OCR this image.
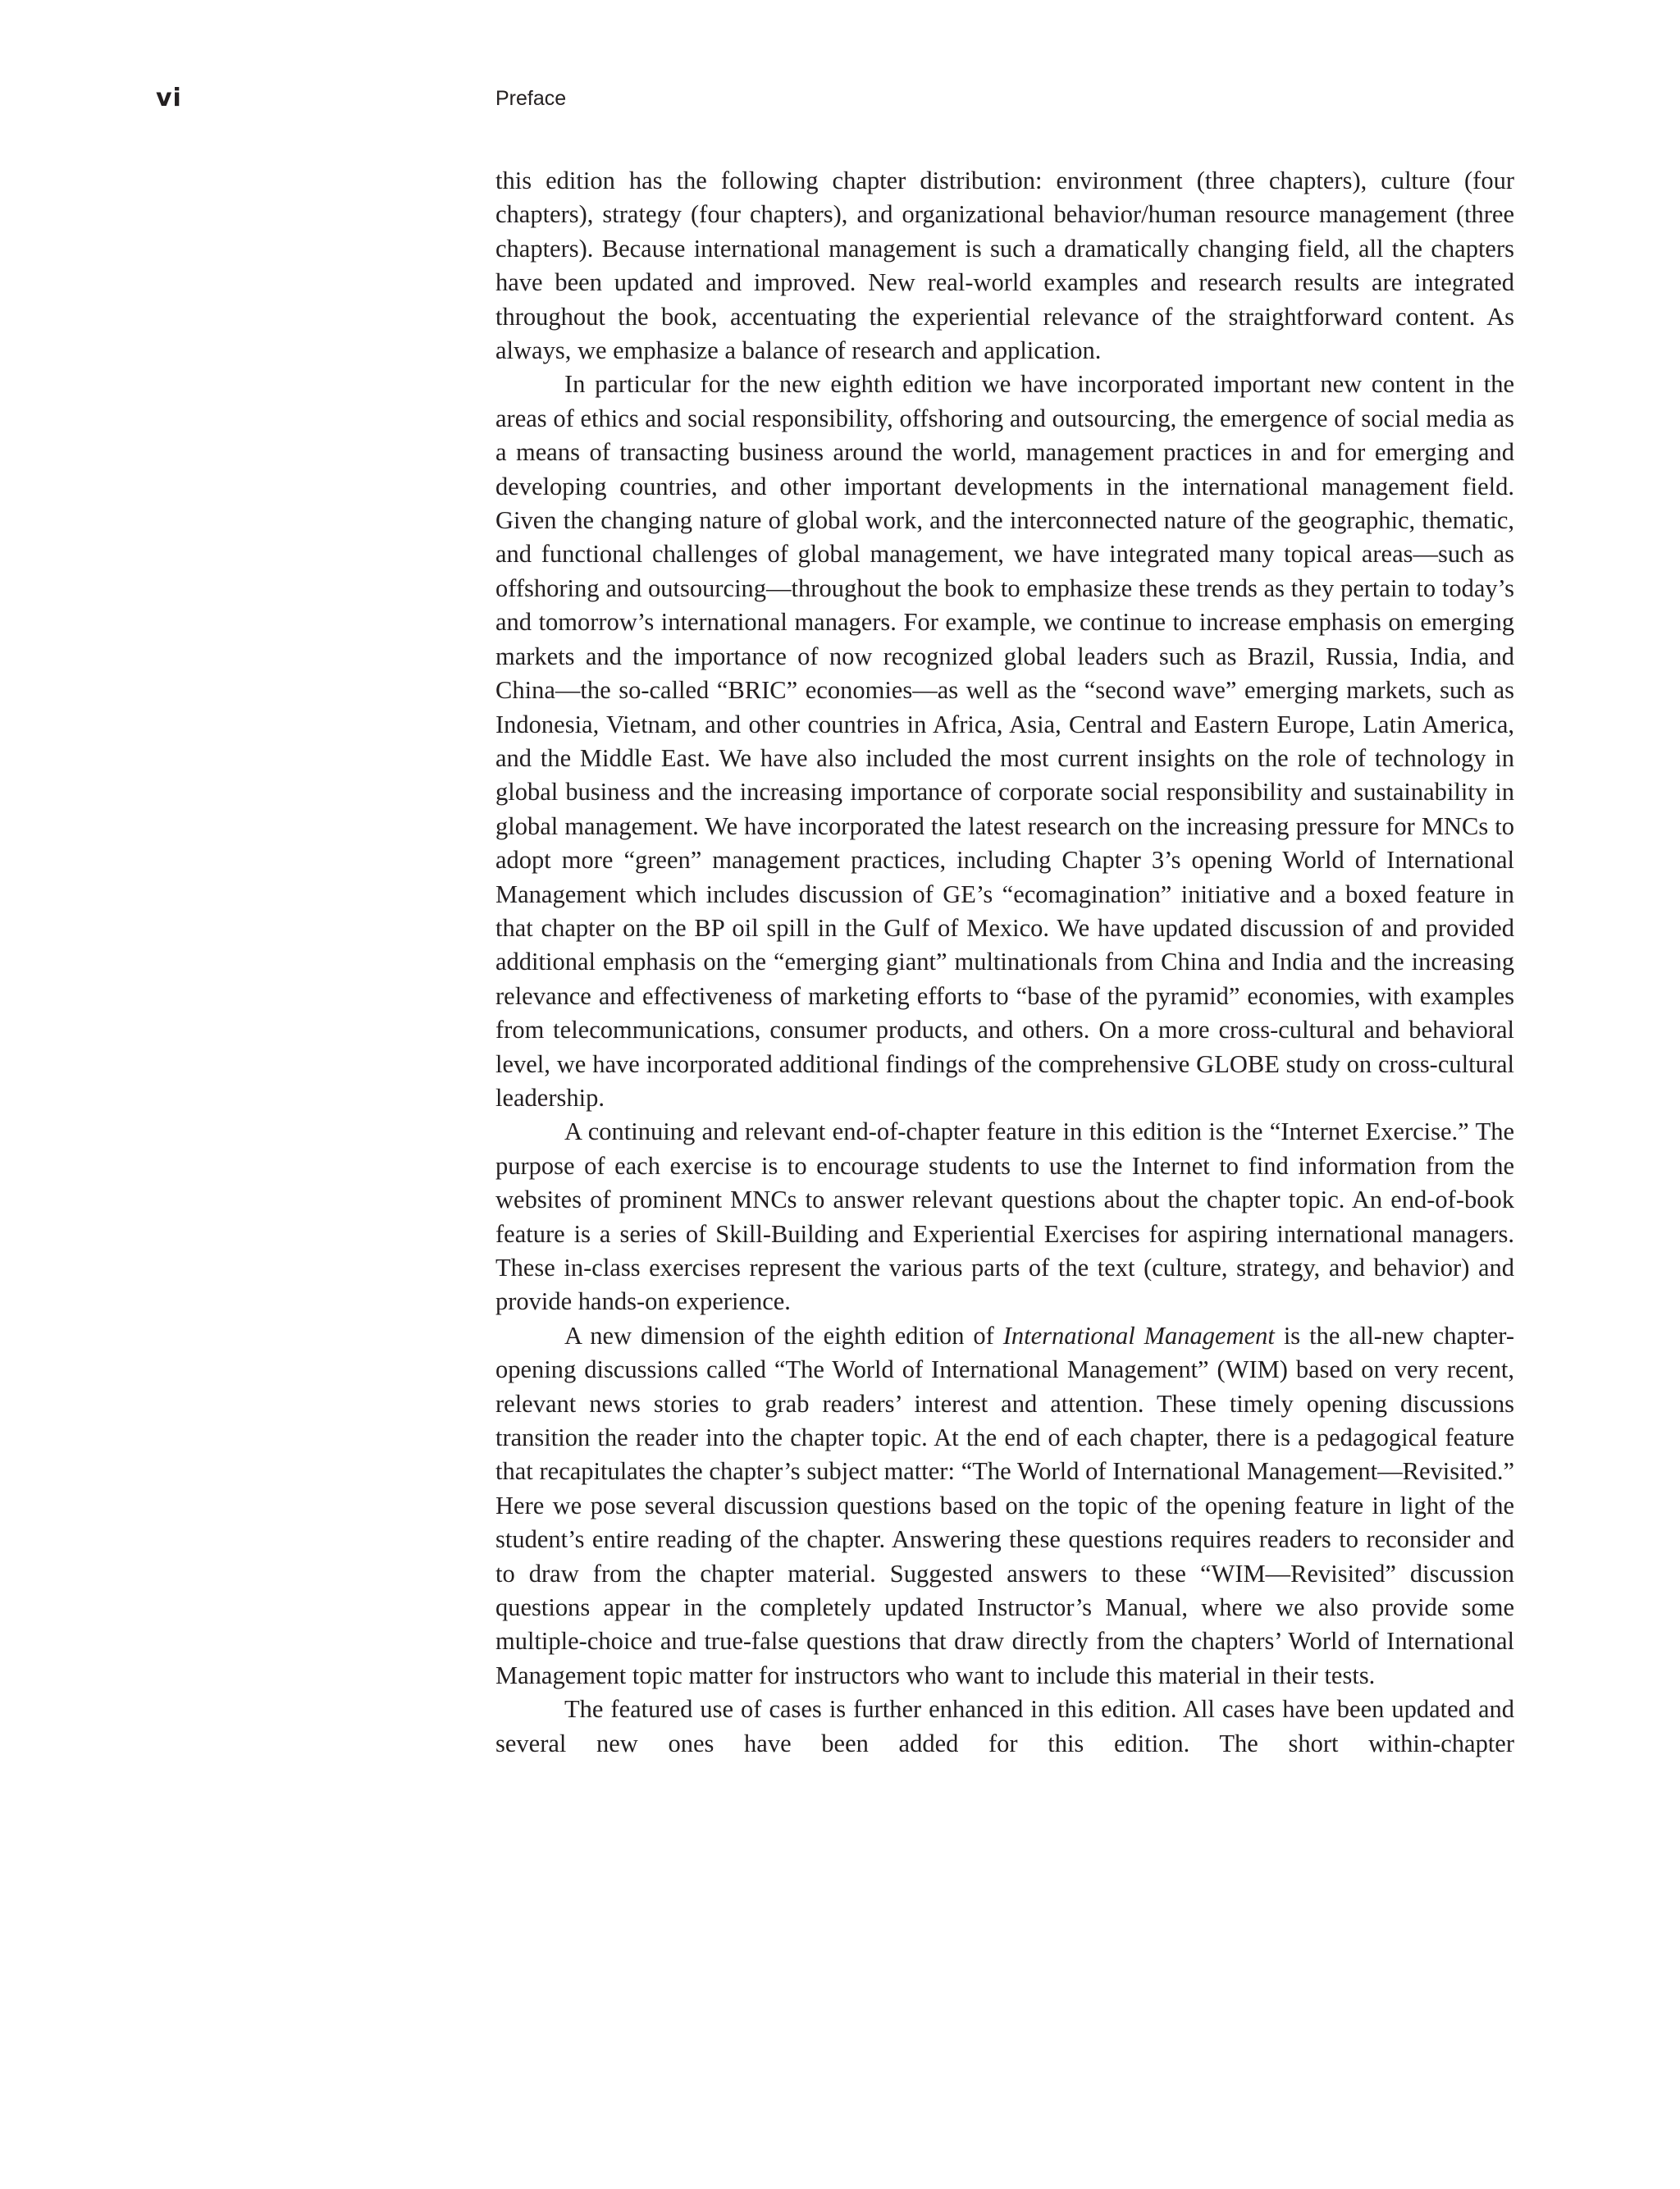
vi	Preface

this edition has the following chapter distribution: environment (three chapters), culture (four chapters), strategy (four chapters), and organizational behavior/human resource management (three chapters). Because international management is such a dramatically changing field, all the chapters have been updated and improved. New real-world examples and research results are integrated throughout the book, accentuating the experiential relevance of the straightforward content. As always, we emphasize a balance of research and application.

In particular for the new eighth edition we have incorporated important new content in the areas of ethics and social responsibility, offshoring and outsourcing, the emergence of social media as a means of transacting business around the world, management practices in and for emerging and developing countries, and other important developments in the international management field. Given the changing nature of global work, and the interconnected nature of the geographic, thematic, and functional challenges of global management, we have integrated many topical areas—such as offshoring and outsourcing—throughout the book to emphasize these trends as they pertain to today’s and tomorrow’s international managers. For example, we continue to increase emphasis on emerging markets and the importance of now recognized global leaders such as Brazil, Russia, India, and China—the so-called “BRIC” economies—as well as the “second wave” emerging markets, such as Indonesia, Vietnam, and other countries in Africa, Asia, Central and Eastern Europe, Latin America, and the Middle East. We have also included the most current insights on the role of technology in global business and the increasing importance of corporate social responsibility and sustainability in global management. We have incorporated the latest research on the increasing pressure for MNCs to adopt more “green” management practices, including Chapter 3’s opening World of International Management which includes discussion of GE’s “ecomagination” initiative and a boxed feature in that chapter on the BP oil spill in the Gulf of Mexico. We have updated discussion of and provided additional emphasis on the “emerging giant” multinationals from China and India and the increasing relevance and effectiveness of marketing efforts to “base of the pyramid” economies, with examples from telecommunications, consumer products, and others. On a more cross-cultural and behavioral level, we have incorporated additional findings of the comprehensive GLOBE study on cross-cultural leadership.

A continuing and relevant end-of-chapter feature in this edition is the “Internet Exercise.” The purpose of each exercise is to encourage students to use the Internet to find information from the websites of prominent MNCs to answer relevant questions about the chapter topic. An end-of-book feature is a series of Skill-Building and Experiential Exercises for aspiring international managers. These in-class exercises represent the various parts of the text (culture, strategy, and behavior) and provide hands-on experience.

A new dimension of the eighth edition of International Management is the all-new chapter-opening discussions called “The World of International Management” (WIM) based on very recent, relevant news stories to grab readers’ interest and attention. These timely opening discussions transition the reader into the chapter topic. At the end of each chapter, there is a pedagogical feature that recapitulates the chapter’s subject matter: “The World of International Management—Revisited.” Here we pose several discussion questions based on the topic of the opening feature in light of the student’s entire reading of the chapter. Answering these questions requires readers to reconsider and to draw from the chapter material. Suggested answers to these “WIM—Revisited” discussion questions appear in the completely updated Instructor’s Manual, where we also provide some multiple-choice and true-false questions that draw directly from the chapters’ World of International Management topic matter for instructors who want to include this material in their tests.

The featured use of cases is further enhanced in this edition. All cases have been updated and several new ones have been added for this edition. The short within-chapter
